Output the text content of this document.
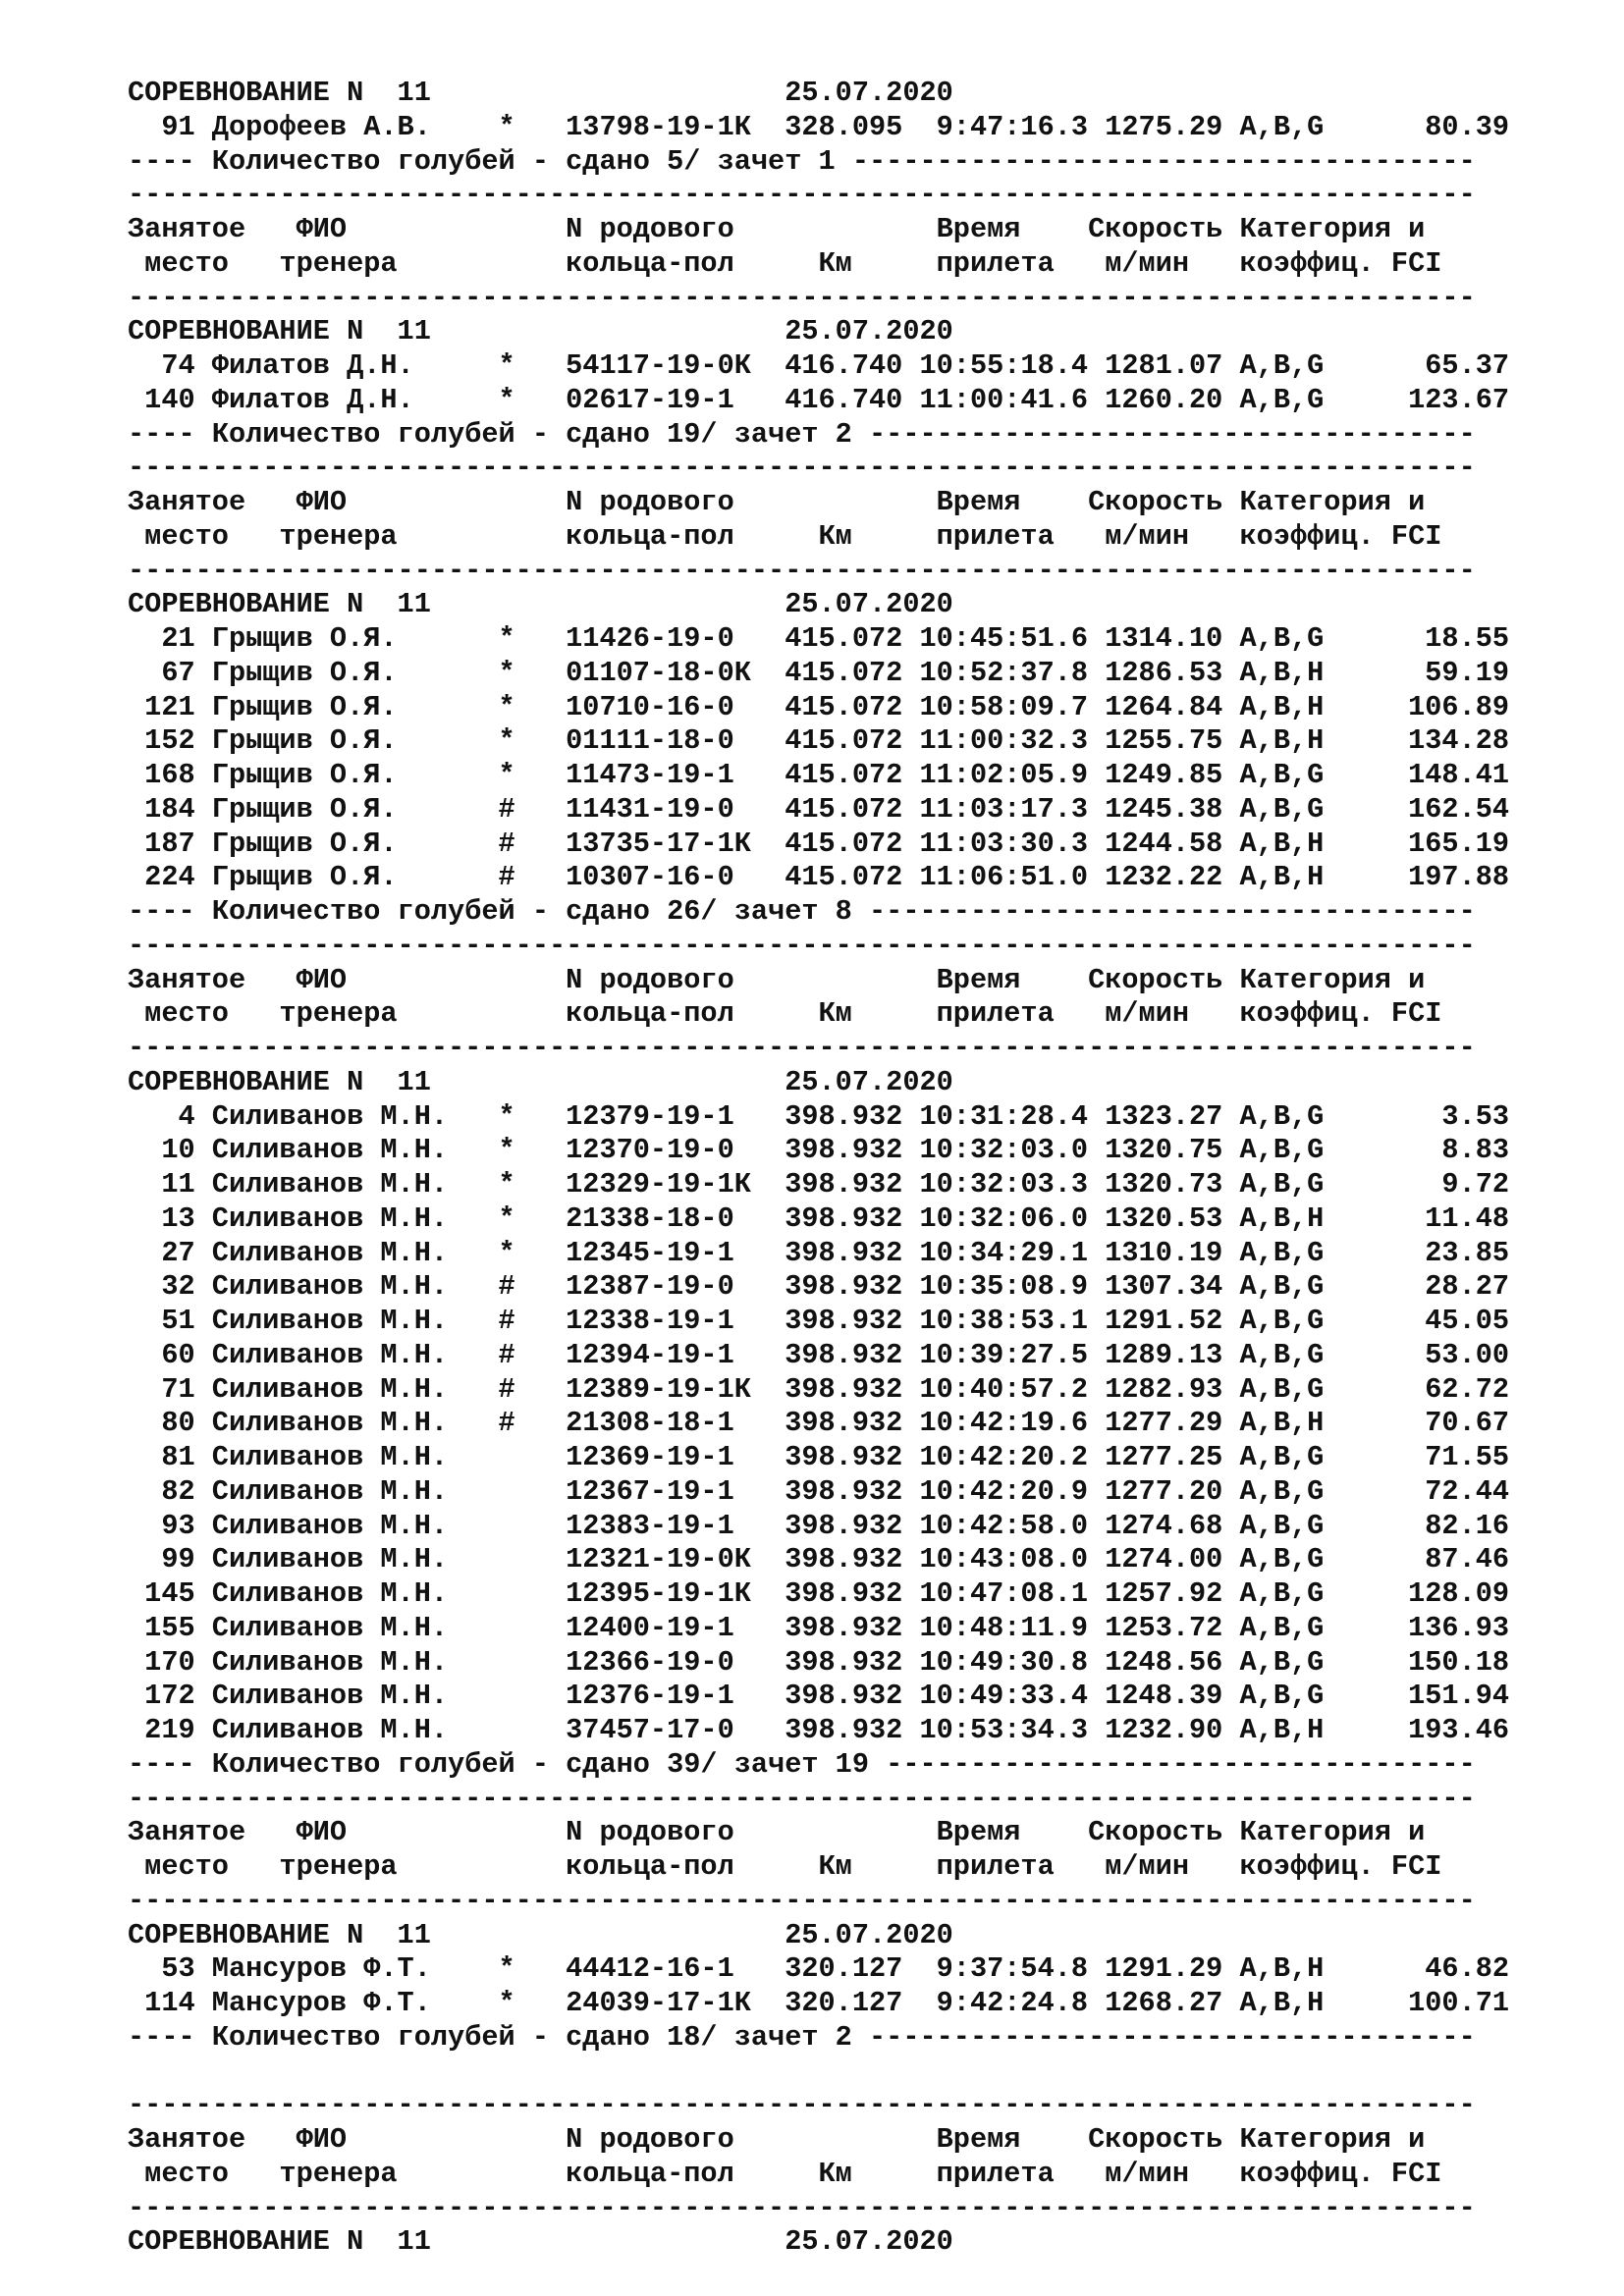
СОРЕВНОВАНИЕ N  11                     25.07.2020
91 Дорофеев А.В.    *   13798-19-1К  328.095  9:47:16.3 1275.29 A,B,G      80.39
---- Количество голубей - сдано 5/ зачет 1 -------------------------------------
--------------------------------------------------------------------------------
Занятое   ФИО             N родового            Время    Скорость Категория и
место   тренера          кольца-пол     Км     прилета   м/мин   коэффиц. FCI
--------------------------------------------------------------------------------
СОРЕВНОВАНИЕ N  11                     25.07.2020
74 Филатов Д.Н.     *   54117-19-0К  416.740 10:55:18.4 1281.07 A,B,G      65.37
140 Филатов Д.Н.     *   02617-19-1   416.740 11:00:41.6 1260.20 A,B,G     123.67
---- Количество голубей - сдано 19/ зачет 2 ------------------------------------
--------------------------------------------------------------------------------
Занятое   ФИО             N родового            Время    Скорость Категория и
место   тренера          кольца-пол     Км     прилета   м/мин   коэффиц. FCI
--------------------------------------------------------------------------------
СОРЕВНОВАНИЕ N  11                     25.07.2020
21 Грыщив О.Я.      *   11426-19-0   415.072 10:45:51.6 1314.10 A,B,G      18.55
67 Грыщив О.Я.      *   01107-18-0К  415.072 10:52:37.8 1286.53 A,B,H      59.19
121 Грыщив О.Я.      *   10710-16-0   415.072 10:58:09.7 1264.84 A,B,H     106.89
152 Грыщив О.Я.      *   01111-18-0   415.072 11:00:32.3 1255.75 A,B,H     134.28
168 Грыщив О.Я.      *   11473-19-1   415.072 11:02:05.9 1249.85 A,B,G     148.41
184 Грыщив О.Я.      #   11431-19-0   415.072 11:03:17.3 1245.38 A,B,G     162.54
187 Грыщив О.Я.      #   13735-17-1К  415.072 11:03:30.3 1244.58 A,B,H     165.19
224 Грыщив О.Я.      #   10307-16-0   415.072 11:06:51.0 1232.22 A,B,H     197.88
---- Количество голубей - сдано 26/ зачет 8 ------------------------------------
--------------------------------------------------------------------------------
Занятое   ФИО             N родового            Время    Скорость Категория и
место   тренера          кольца-пол     Км     прилета   м/мин   коэффиц. FCI
--------------------------------------------------------------------------------
СОРЕВНОВАНИЕ N  11                     25.07.2020
4 Силиванов М.Н.   *   12379-19-1   398.932 10:31:28.4 1323.27 A,B,G       3.53
10 Силиванов М.Н.   *   12370-19-0   398.932 10:32:03.0 1320.75 A,B,G       8.83
11 Силиванов М.Н.   *   12329-19-1К  398.932 10:32:03.3 1320.73 A,B,G       9.72
13 Силиванов М.Н.   *   21338-18-0   398.932 10:32:06.0 1320.53 A,B,H      11.48
27 Силиванов М.Н.   *   12345-19-1   398.932 10:34:29.1 1310.19 A,B,G      23.85
32 Силиванов М.Н.   #   12387-19-0   398.932 10:35:08.9 1307.34 A,B,G      28.27
51 Силиванов М.Н.   #   12338-19-1   398.932 10:38:53.1 1291.52 A,B,G      45.05
60 Силиванов М.Н.   #   12394-19-1   398.932 10:39:27.5 1289.13 A,B,G      53.00
71 Силиванов М.Н.   #   12389-19-1К  398.932 10:40:57.2 1282.93 A,B,G      62.72
80 Силиванов М.Н.   #   21308-18-1   398.932 10:42:19.6 1277.29 A,B,H      70.67
81 Силиванов М.Н.       12369-19-1   398.932 10:42:20.2 1277.25 A,B,G      71.55
82 Силиванов М.Н.       12367-19-1   398.932 10:42:20.9 1277.20 A,B,G      72.44
93 Силиванов М.Н.       12383-19-1   398.932 10:42:58.0 1274.68 A,B,G      82.16
99 Силиванов М.Н.       12321-19-0К  398.932 10:43:08.0 1274.00 A,B,G      87.46
145 Силиванов М.Н.       12395-19-1К  398.932 10:47:08.1 1257.92 A,B,G     128.09
155 Силиванов М.Н.       12400-19-1   398.932 10:48:11.9 1253.72 A,B,G     136.93
170 Силиванов М.Н.       12366-19-0   398.932 10:49:30.8 1248.56 A,B,G     150.18
172 Силиванов М.Н.       12376-19-1   398.932 10:49:33.4 1248.39 A,B,G     151.94
219 Силиванов М.Н.       37457-17-0   398.932 10:53:34.3 1232.90 A,B,H     193.46
---- Количество голубей - сдано 39/ зачет 19 -----------------------------------
--------------------------------------------------------------------------------
Занятое   ФИО             N родового            Время    Скорость Категория и
место   тренера          кольца-пол     Км     прилета   м/мин   коэффиц. FCI
--------------------------------------------------------------------------------
СОРЕВНОВАНИЕ N  11                     25.07.2020
53 Мансуров Ф.Т.    *   44412-16-1   320.127  9:37:54.8 1291.29 A,B,H      46.82
114 Мансуров Ф.Т.    *   24039-17-1К  320.127  9:42:24.8 1268.27 A,B,H     100.71
---- Количество голубей - сдано 18/ зачет 2 ------------------------------------
--------------------------------------------------------------------------------
Занятое   ФИО             N родового            Время    Скорость Категория и
место   тренера          кольца-пол     Км     прилета   м/мин   коэффиц. FCI
--------------------------------------------------------------------------------
СОРЕВНОВАНИЕ N  11                     25.07.2020
